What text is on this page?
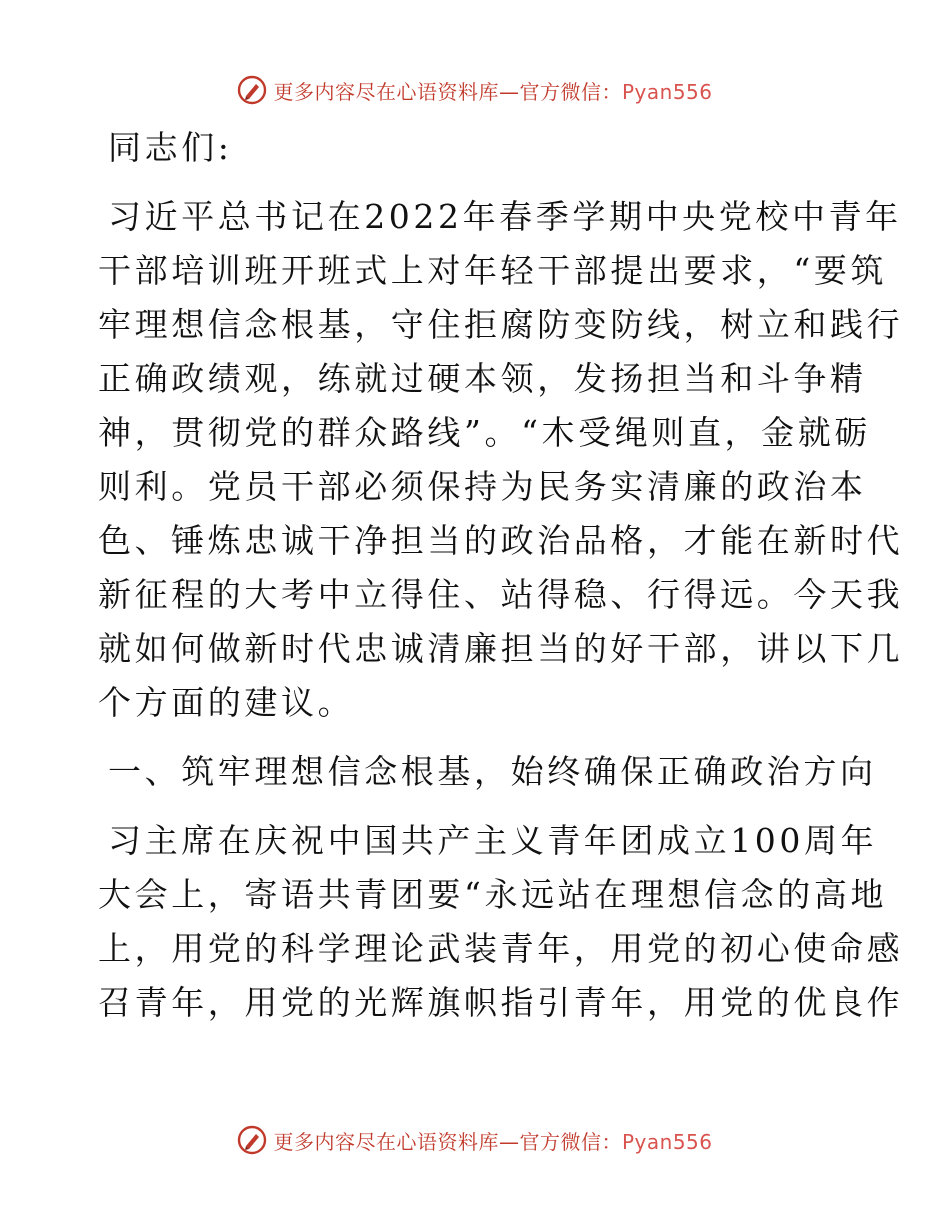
更多内容尽在心语资料库—官方微信：Pyan556
同志们:
习近平总书记在2022年春季学期中央党校中青年
干部培训班开班式上对年轻干部提出要求，“要筑
牢理想信念根基，守住拒腐防变防线，树立和践行
正确政绩观，练就过硬本领，发扬担当和斗争精
神，贯彻党的群众路线”。“木受绳则直，金就砺
则利。党员干部必须保持为民务实清廉的政治本
色、锤炼忠诚干净担当的政治品格，才能在新时代
新征程的大考中立得住、站得稳、行得远。今天我
就如何做新时代忠诚清廉担当的好干部，讲以下几
个方面的建议。
一、筑牢理想信念根基，始终确保正确政治方向
习主席在庆祝中国共产主义青年团成立100周年
大会上，寄语共青团要“永远站在理想信念的高地
上，用党的科学理论武装青年，用党的初心使命感
召青年，用党的光辉旗帜指引青年，用党的优良作
更多内容尽在心语资料库—官方微信：Pyan556
